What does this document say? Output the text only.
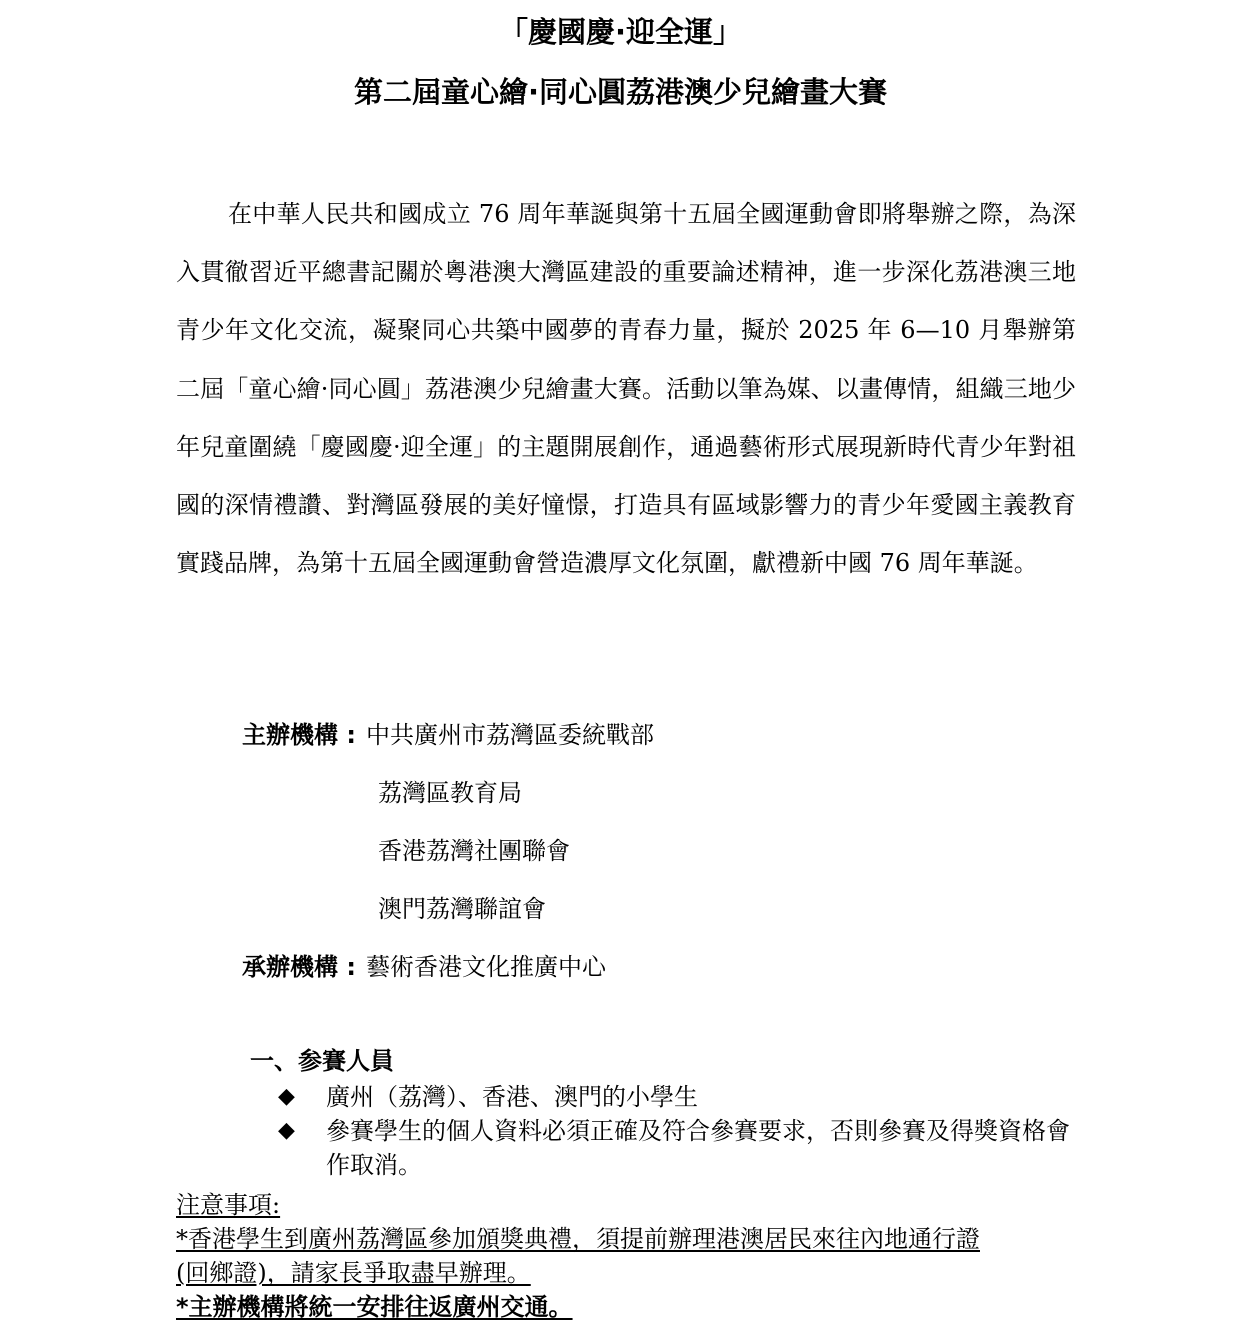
「慶國慶·迎全運」
第二屆童心繪·同心圓荔港澳少兒繪畫大賽

在中華人民共和國成立 76 周年華誕與第十五屆全國運動會即將舉辦之際，為深入貫徹習近平總書記關於粵港澳大灣區建設的重要論述精神，進一步深化荔港澳三地青少年文化交流，凝聚同心共築中國夢的青春力量，擬於 2025 年 6—10 月舉辦第二屆「童心繪·同心圓」荔港澳少兒繪畫大賽。活動以筆為媒、以畫傳情，組織三地少年兒童圍繞「慶國慶·迎全運」的主題開展創作，通過藝術形式展現新時代青少年對祖國的深情禮讚、對灣區發展的美好憧憬，打造具有區域影響力的青少年愛國主義教育實踐品牌，為第十五屆全國運動會營造濃厚文化氛圍，獻禮新中國 76 周年華誕。

主辦機構 : 中共廣州市荔灣區委統戰部
荔灣區教育局
香港荔灣社團聯會
澳門荔灣聯誼會
承辦機構 : 藝術香港文化推廣中心
一、参賽人員
◆ 廣州（荔灣）、香港、澳門的小學生
◆ 參賽學生的個人資料必須正確及符合參賽要求，否則參賽及得獎資格會作取消。
注意事項:
*香港學生到廣州荔灣區參加頒獎典禮，須提前辦理港澳居民來往內地通行證
(回鄉證)，請家長爭取盡早辦理。
*主辦機構將統一安排往返廣州交通。
